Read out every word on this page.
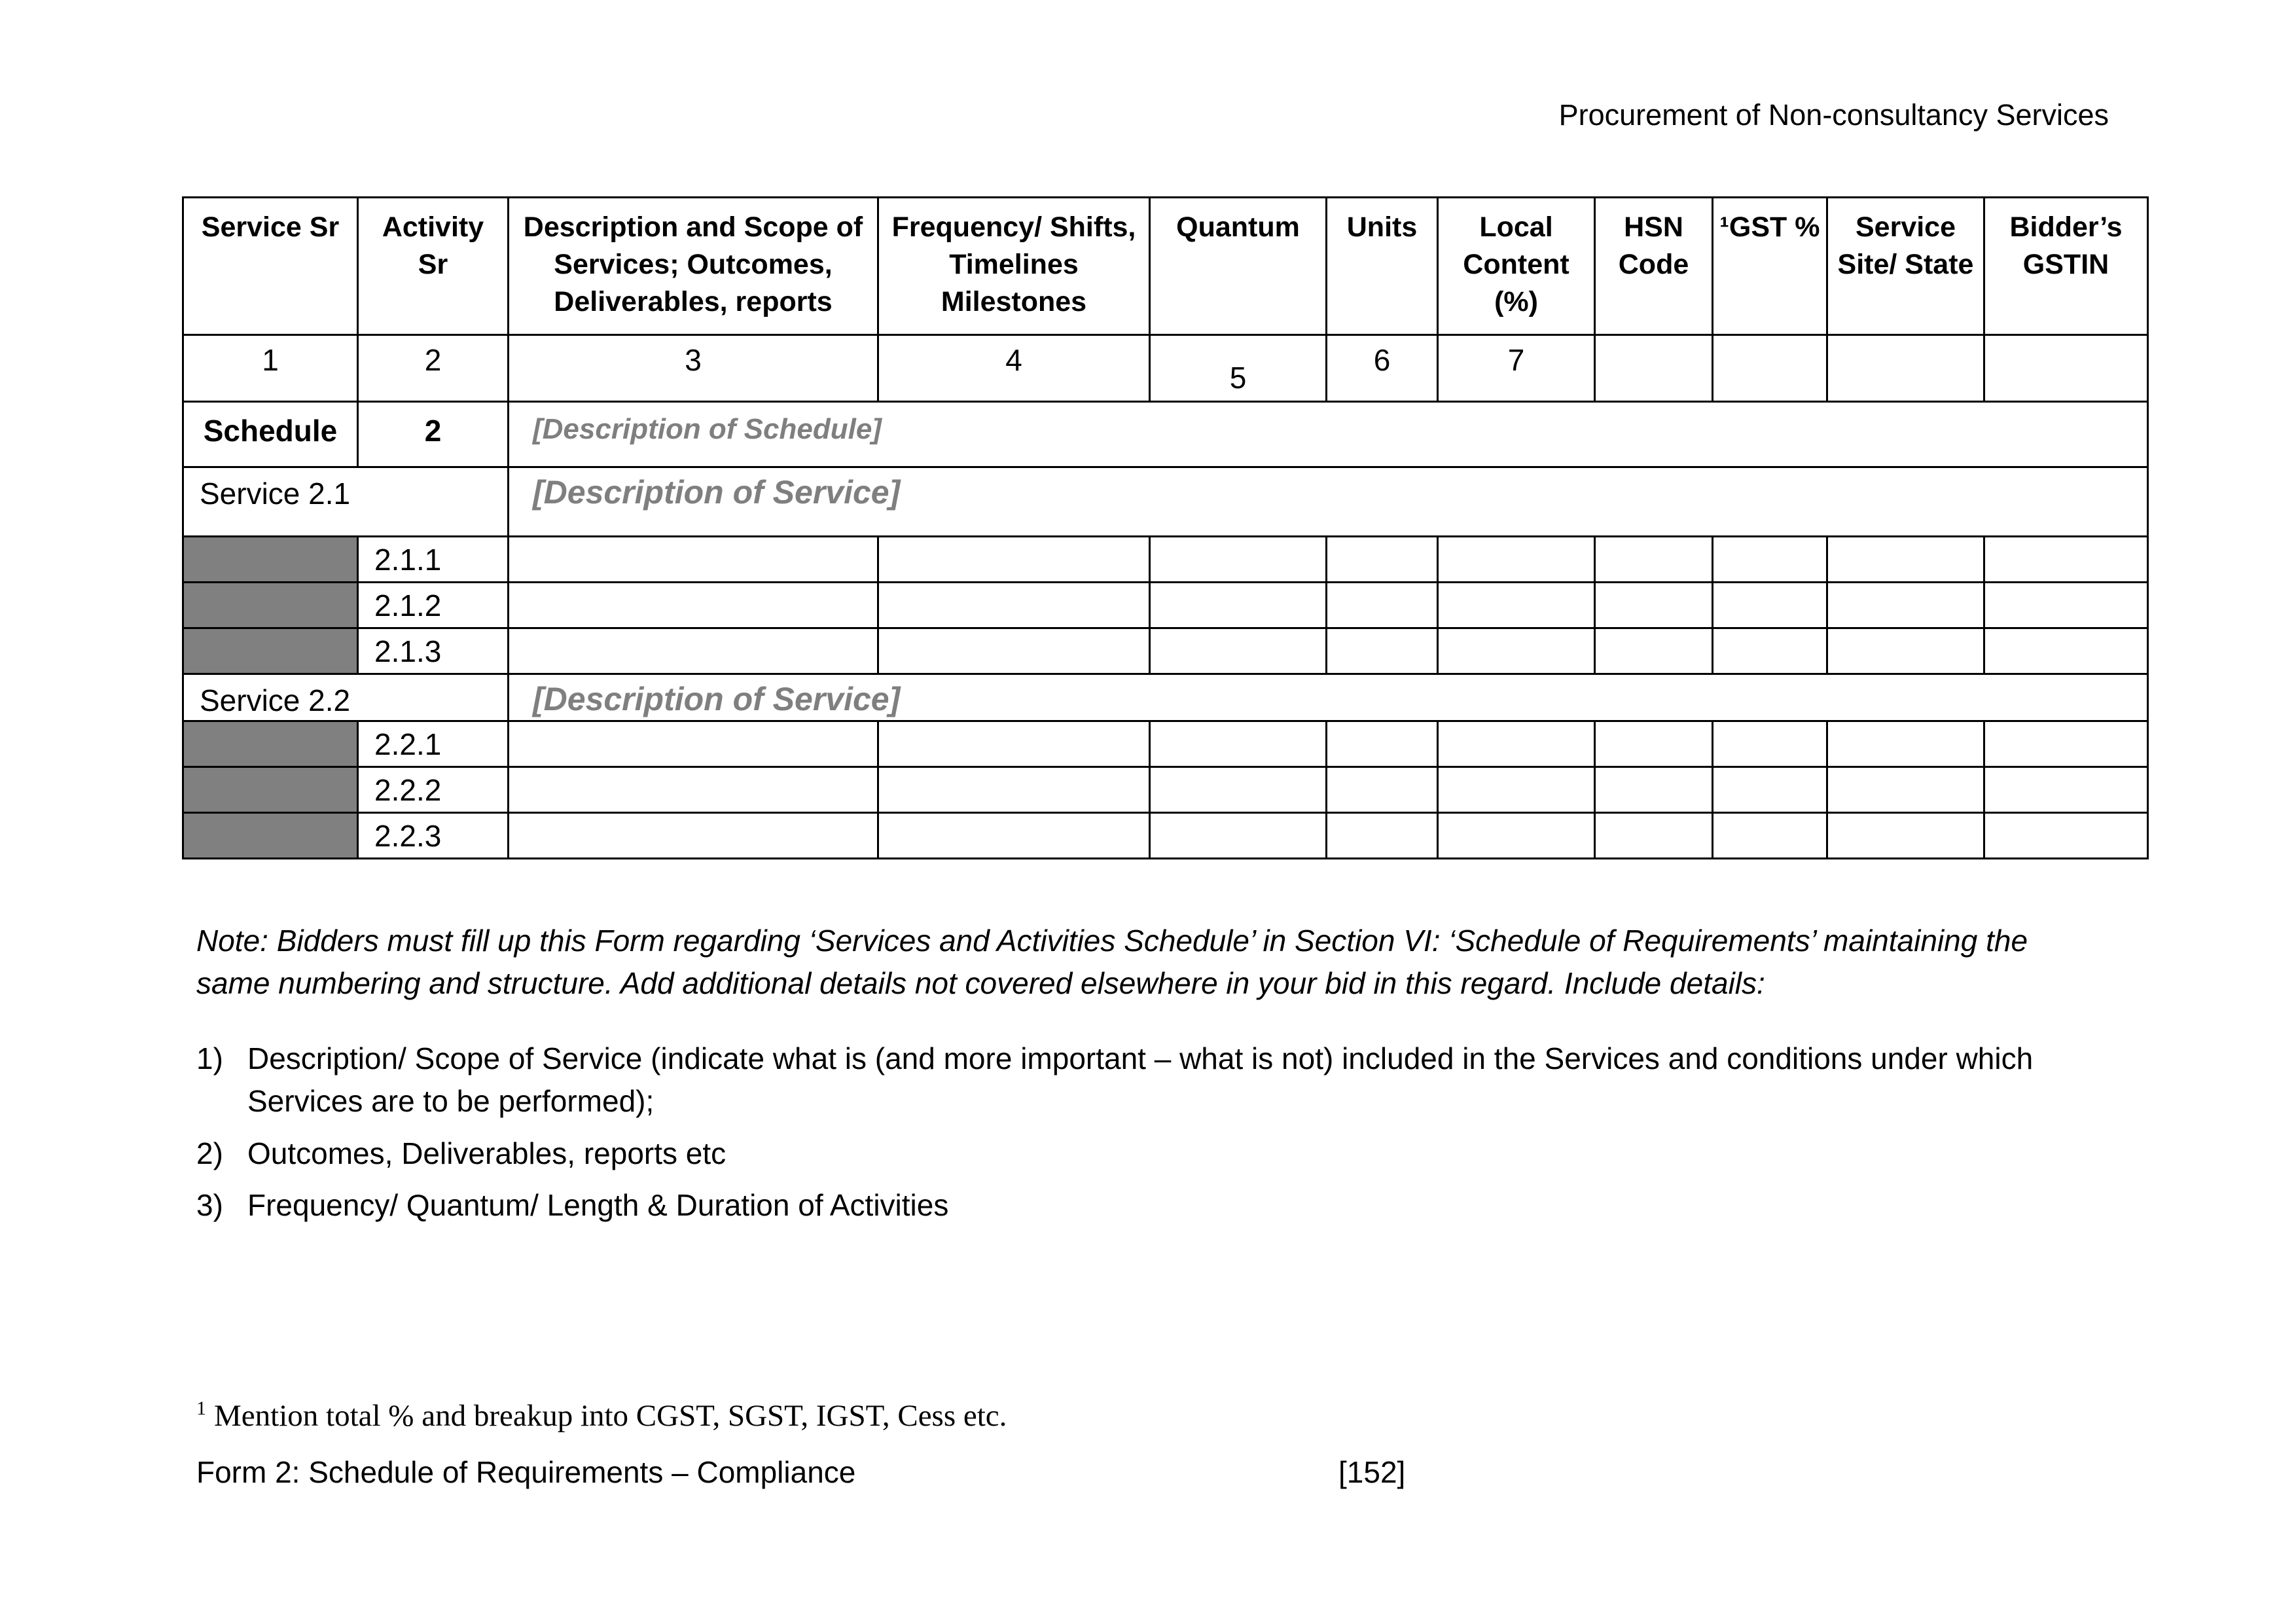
Procurement of Non-consultancy Services
Service Sr	Activity Sr	Description and Scope of Services; Outcomes, Deliverables, reports	Frequency/ Shifts, Timelines Milestones	Quantum	Units	Local Content (%)	HSN Code	¹GST %	Service Site/ State	Bidder’s GSTIN
1	2	3	4	5	6	7				
Schedule	2	[Description of Schedule]								
Service 2.1		[Description of Service]								
	2.1.1									
	2.1.2									
	2.1.3									
Service 2.2		[Description of Service]								
	2.2.1									
	2.2.2									
	2.2.3									
Note: Bidders must fill up this Form regarding ‘Services and Activities Schedule’ in Section VI: ‘Schedule of Requirements’ maintaining the same numbering and structure. Add additional details not covered elsewhere in your bid in this regard. Include details:
1) Description/ Scope of Service (indicate what is (and more important – what is not) included in the Services and conditions under which Services are to be performed);
2) Outcomes, Deliverables, reports etc
3) Frequency/ Quantum/ Length & Duration of Activities
$^1$ Mention total % and breakup into CGST, SGST, IGST, Cess etc.
Form 2: Schedule of Requirements – Compliance	[152]
